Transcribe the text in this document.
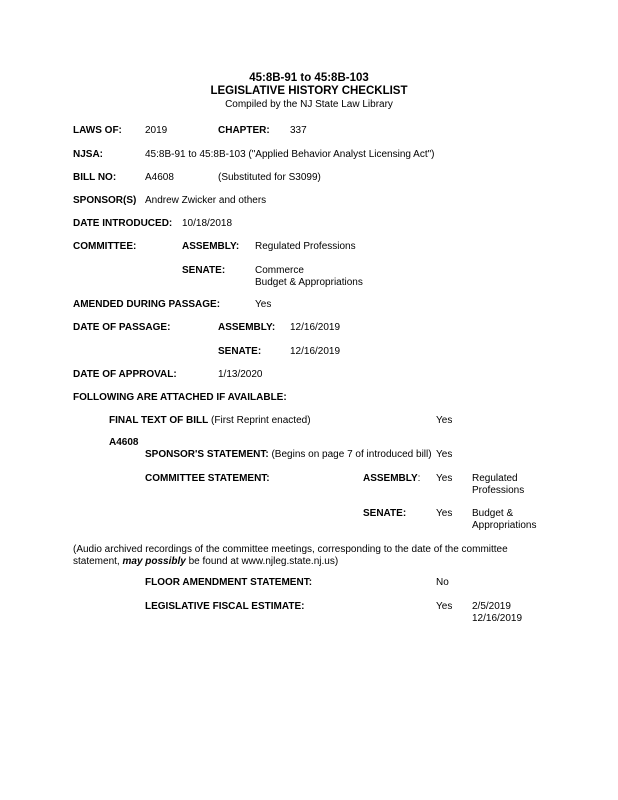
45:8B-91 to 45:8B-103
LEGISLATIVE HISTORY CHECKLIST
Compiled by the NJ State Law Library
LAWS OF: 2019	CHAPTER: 337
NJSA:	45:8B-91 to 45:8B-103 ("Applied Behavior Analyst Licensing Act")
BILL NO:	A4608	(Substituted for S3099)
SPONSOR(S) Andrew Zwicker and others
DATE INTRODUCED: 10/18/2018
COMMITTEE:	ASSEMBLY: Regulated Professions
SENATE:	Commerce
Budget & Appropriations
AMENDED DURING PASSAGE:	Yes
DATE OF PASSAGE:	ASSEMBLY: 12/16/2019
SENATE:	12/16/2019
DATE OF APPROVAL:	1/13/2020
FOLLOWING ARE ATTACHED IF AVAILABLE:
FINAL TEXT OF BILL (First Reprint enacted)	Yes
A4608
SPONSOR'S STATEMENT: (Begins on page 7 of introduced bill) Yes
COMMITTEE STATEMENT:	ASSEMBLY: Yes Regulated
Professions
SENATE:	Yes Budget &
Appropriations
(Audio archived recordings of the committee meetings, corresponding to the date of the committee
statement, may possibly be found at www.njleg.state.nj.us)
FLOOR AMENDMENT STATEMENT:	No
LEGISLATIVE FISCAL ESTIMATE:	Yes 2/5/2019
12/16/2019
